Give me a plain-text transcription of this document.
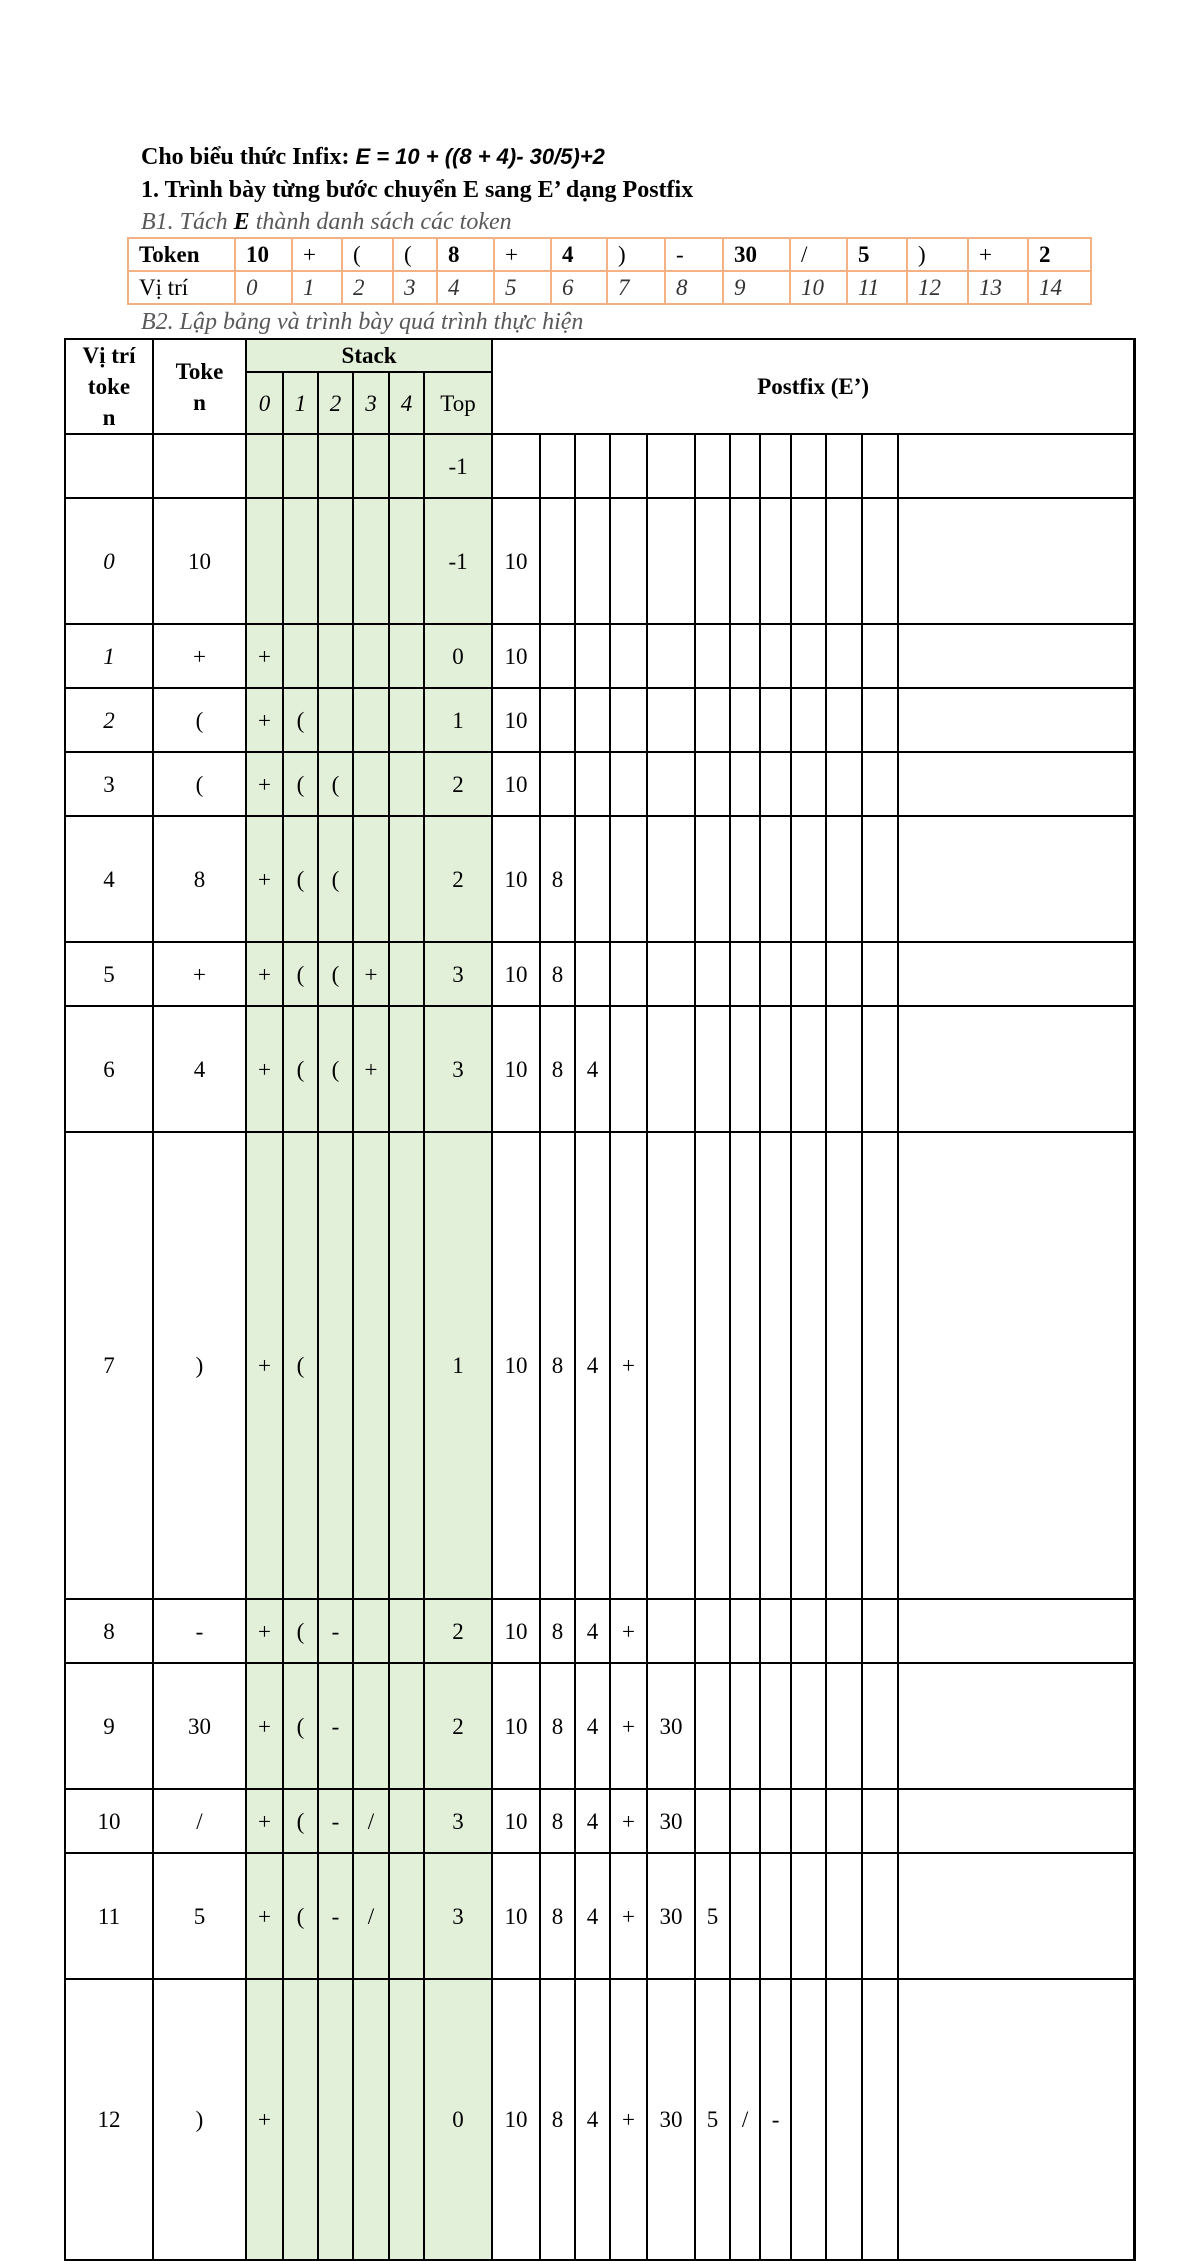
Cho biểu thức Infix: E = 10 + ((8 + 4)- 30/5)+2
1. Trình bày từng bước chuyển E sang E’ dạng Postfix
B1. Tách E thành danh sách các token
Token	10	+	(	(	8	+	4	)	-	30	/	5	)	+	2
Vị trí	0	1	2	3	4	5	6	7	8	9	10	11	12	13	14
B2. Lập bảng và trình bày quá trình thực hiện
Vị trí
toke
n	Toke
n	Stack						Postfix (E’)	
		0	1	2	3	4	Top													
							-1													
0	10						-1	10												
1	+	+					0	10												
2	(	+	(				1	10												
3	(	+	(	(			2	10												
4	8	+	(	(			2	10	8											
5	+	+	(	(	+		3	10	8											
6	4	+	(	(	+		3	10	8	4										
7	)	+	(				1	10	8	4	+									
8	-	+	(	-			2	10	8	4	+									
9	30	+	(	-			2	10	8	4	+	30								
10	/	+	(	-	/		3	10	8	4	+	30								
11	5	+	(	-	/		3	10	8	4	+	30	5							
12	)	+					0	10	8	4	+	30	5	/	-					
